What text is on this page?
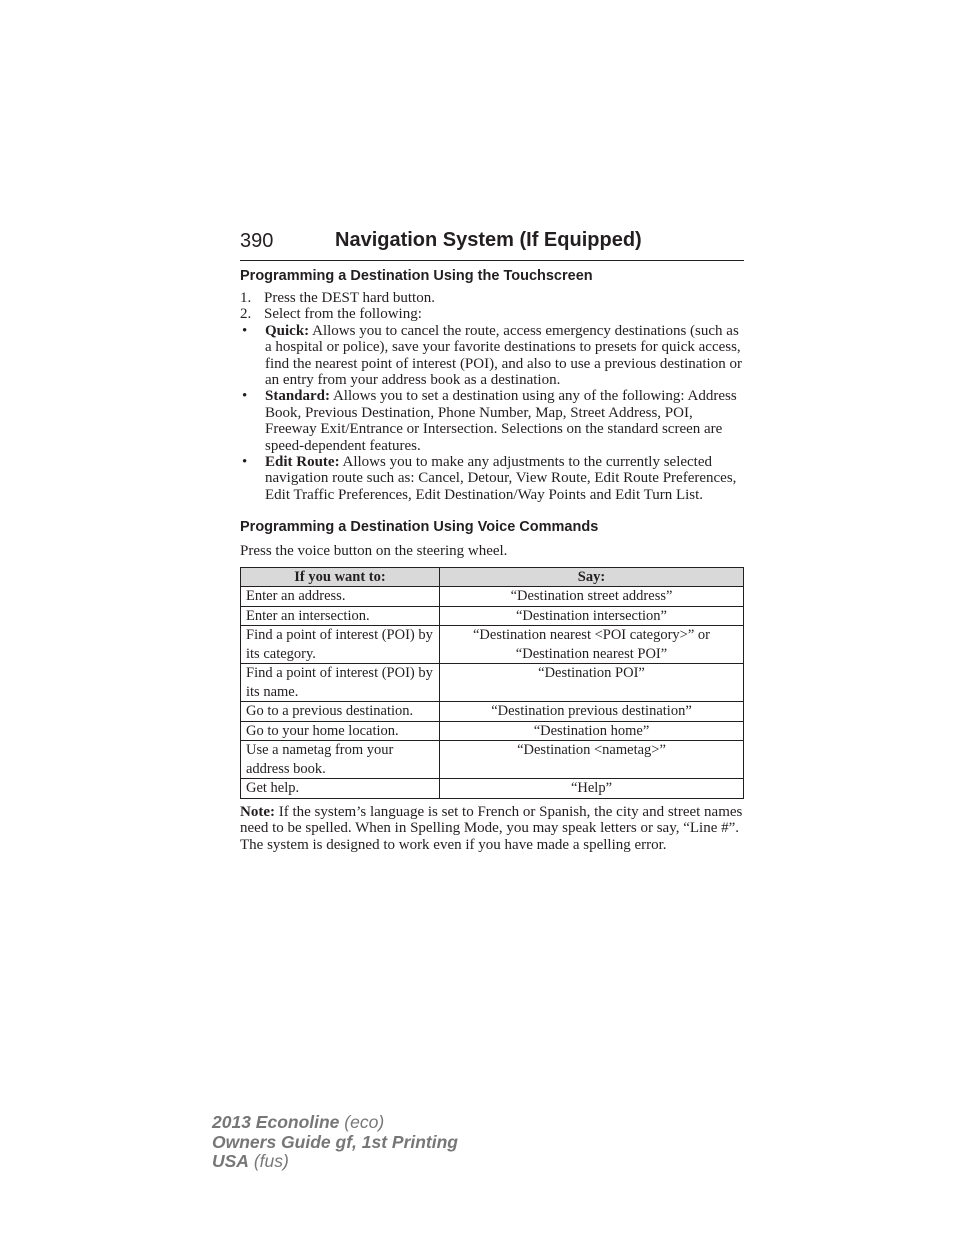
390	Navigation System (If Equipped)
Programming a Destination Using the Touchscreen
1. Press the DEST hard button.
2. Select from the following:
•	Quick: Allows you to cancel the route, access emergency destinations (such as a hospital or police), save your favorite destinations to presets for quick access, find the nearest point of interest (POI), and also to use a previous destination or an entry from your address book as a destination.
•	Standard: Allows you to set a destination using any of the following: Address Book, Previous Destination, Phone Number, Map, Street Address, POI, Freeway Exit/Entrance or Intersection. Selections on the standard screen are speed-dependent features.
•	Edit Route: Allows you to make any adjustments to the currently selected navigation route such as: Cancel, Detour, View Route, Edit Route Preferences, Edit Traffic Preferences, Edit Destination/Way Points and Edit Turn List.
Programming a Destination Using Voice Commands

Press the voice button on the steering wheel.

If you want to:	Say:
Enter an address.	“Destination street address”
Enter an intersection.	“Destination intersection”
Find a point of interest (POI) by its category.	“Destination nearest <POI category>” or “Destination nearest POI”
Find a point of interest (POI) by its name.	“Destination POI”
Go to a previous destination.	“Destination previous destination”
Go to your home location.	“Destination home”
Use a nametag from your address book.	“Destination <nametag>”
Get help.	“Help”

Note: If the system’s language is set to French or Spanish, the city and street names need to be spelled. When in Spelling Mode, you may speak letters or say, “Line #”. The system is designed to work even if you have made a spelling error.

2013 Econoline (eco)
Owners Guide gf, 1st Printing
USA (fus)
